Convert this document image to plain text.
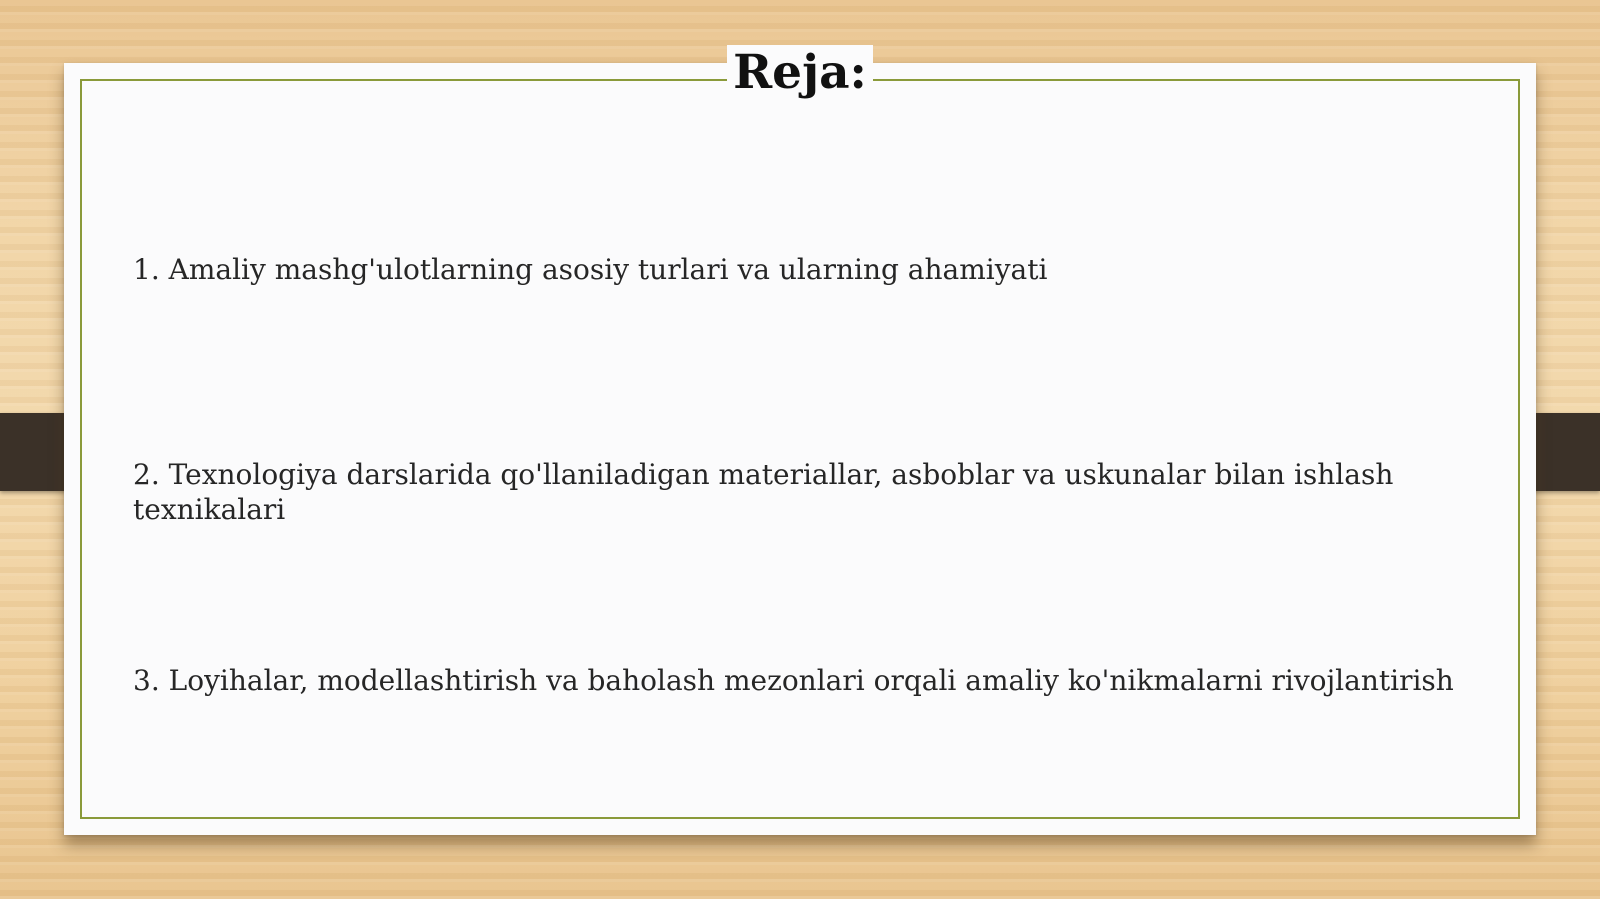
Reja:
1. Amaliy mashg'ulotlarning asosiy turlari va ularning ahamiyati
2. Texnologiya darslarida qo'llaniladigan materiallar, asboblar va uskunalar bilan ishlash texnikalari
3. Loyihalar, modellashtirish va baholash mezonlari orqali amaliy ko'nikmalarni rivojlantirish
